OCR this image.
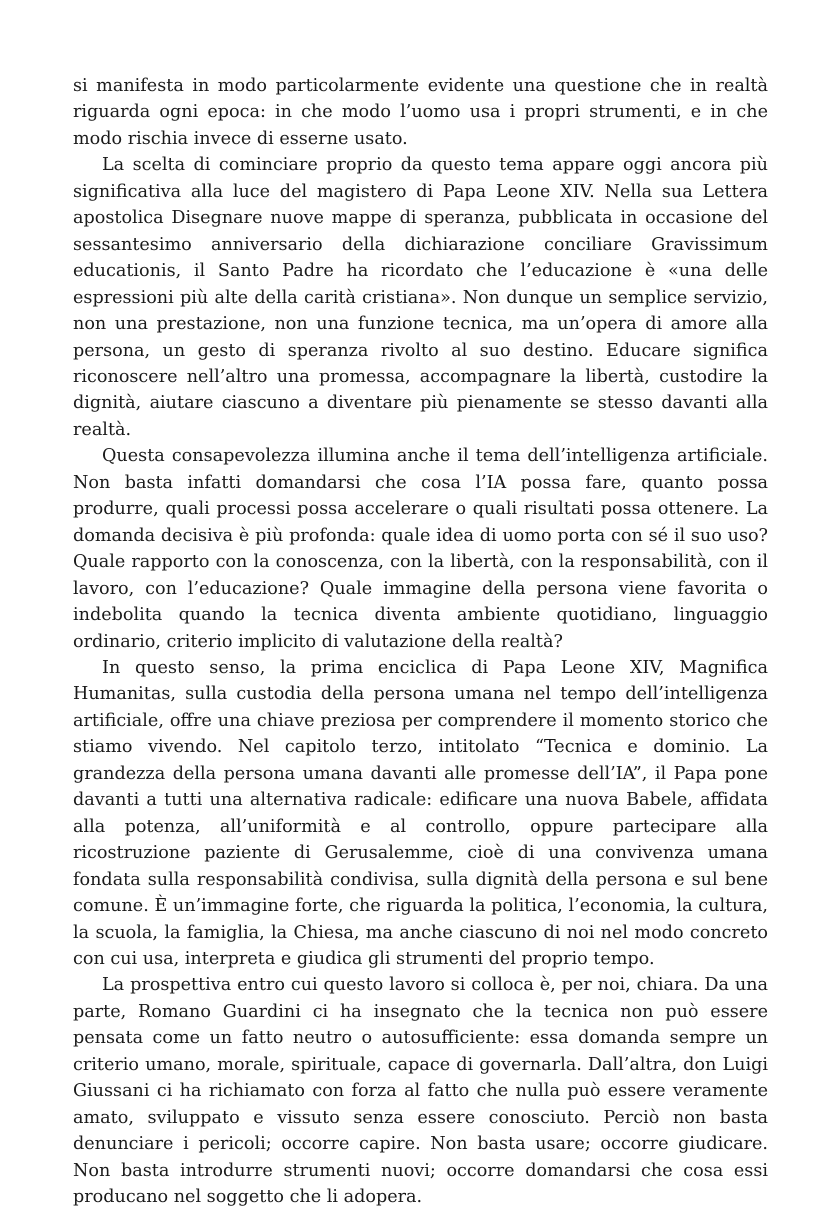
si manifesta in modo particolarmente evidente una questione che in realtà riguarda ogni epoca: in che modo l’uomo usa i propri strumenti, e in che modo rischia invece di esserne usato.

La scelta di cominciare proprio da questo tema appare oggi ancora più significativa alla luce del magistero di Papa Leone XIV. Nella sua Lettera apostolica Disegnare nuove mappe di speranza, pubblicata in occasione del sessantesimo anniversario della dichiarazione conciliare Gravissimum educationis, il Santo Padre ha ricordato che l’educazione è «una delle espressioni più alte della carità cristiana». Non dunque un semplice servizio, non una prestazione, non una funzione tecnica, ma un’opera di amore alla persona, un gesto di speranza rivolto al suo destino. Educare significa riconoscere nell’altro una promessa, accompagnare la libertà, custodire la dignità, aiutare ciascuno a diventare più pienamente se stesso davanti alla realtà.

Questa consapevolezza illumina anche il tema dell’intelligenza artificiale. Non basta infatti domandarsi che cosa l’IA possa fare, quanto possa produrre, quali processi possa accelerare o quali risultati possa ottenere. La domanda decisiva è più profonda: quale idea di uomo porta con sé il suo uso? Quale rapporto con la conoscenza, con la libertà, con la responsabilità, con il lavoro, con l’educazione? Quale immagine della persona viene favorita o indebolita quando la tecnica diventa ambiente quotidiano, linguaggio ordinario, criterio implicito di valutazione della realtà?

In questo senso, la prima enciclica di Papa Leone XIV, Magnifica Humanitas, sulla custodia della persona umana nel tempo dell’intelligenza artificiale, offre una chiave preziosa per comprendere il momento storico che stiamo vivendo. Nel capitolo terzo, intitolato “Tecnica e dominio. La grandezza della persona umana davanti alle promesse dell’IA”, il Papa pone davanti a tutti una alternativa radicale: edificare una nuova Babele, affidata alla potenza, all’uniformità e al controllo, oppure partecipare alla ricostruzione paziente di Gerusalemme, cioè di una convivenza umana fondata sulla responsabilità condivisa, sulla dignità della persona e sul bene comune. È un’immagine forte, che riguarda la politica, l’economia, la cultura, la scuola, la famiglia, la Chiesa, ma anche ciascuno di noi nel modo concreto con cui usa, interpreta e giudica gli strumenti del proprio tempo.

La prospettiva entro cui questo lavoro si colloca è, per noi, chiara. Da una parte, Romano Guardini ci ha insegnato che la tecnica non può essere pensata come un fatto neutro o autosufficiente: essa domanda sempre un criterio umano, morale, spirituale, capace di governarla. Dall’altra, don Luigi Giussani ci ha richiamato con forza al fatto che nulla può essere veramente amato, sviluppato e vissuto senza essere conosciuto. Perciò non basta denunciare i pericoli; occorre capire. Non basta usare; occorre giudicare. Non basta introdurre strumenti nuovi; occorre domandarsi che cosa essi producano nel soggetto che li adopera.
